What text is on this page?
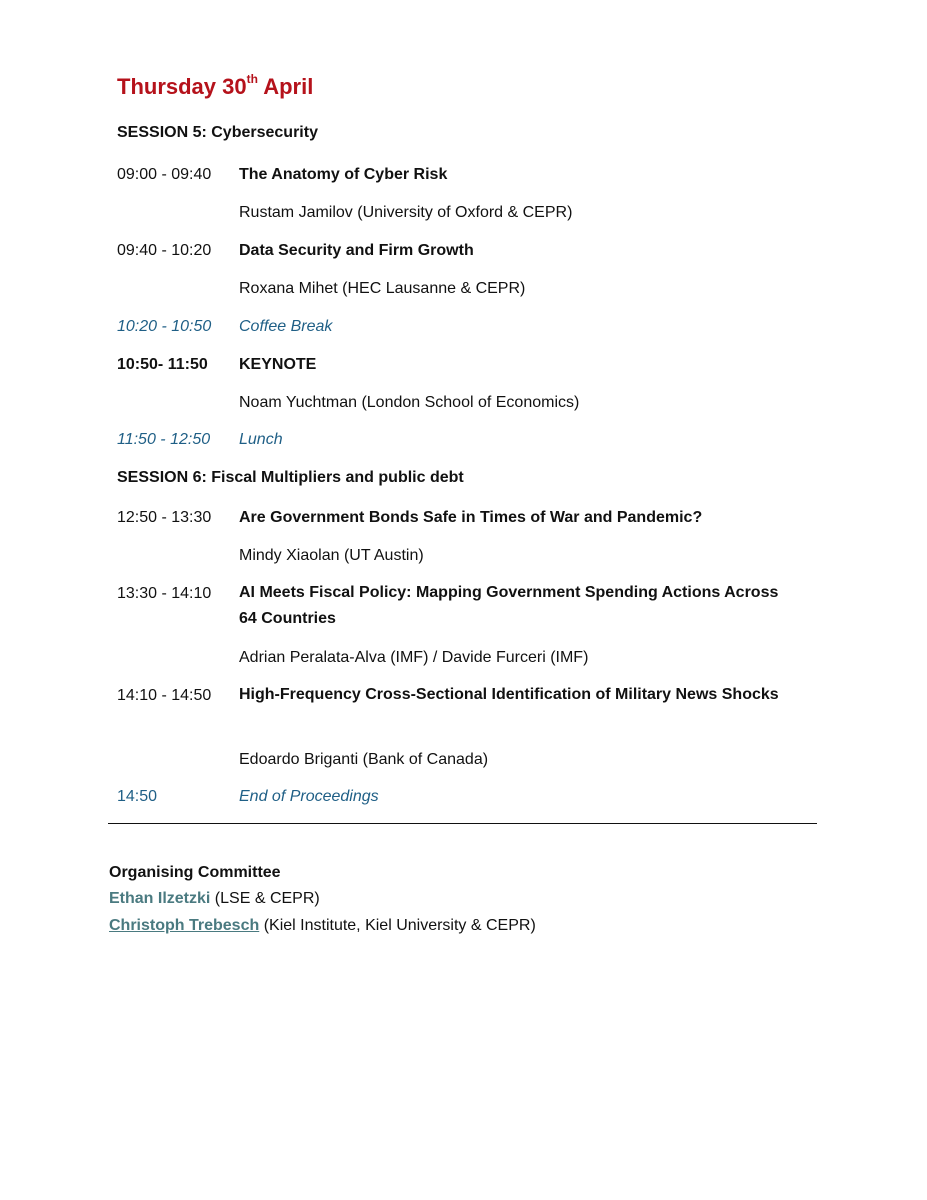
Thursday 30th April
SESSION 5: Cybersecurity
09:00 - 09:40 The Anatomy of Cyber Risk
Rustam Jamilov (University of Oxford & CEPR)
09:40 - 10:20 Data Security and Firm Growth
Roxana Mihet (HEC Lausanne & CEPR)
10:20 - 10:50 Coffee Break
10:50- 11:50 KEYNOTE
Noam Yuchtman (London School of Economics)
11:50 - 12:50 Lunch
SESSION 6: Fiscal Multipliers and public debt
12:50 - 13:30 Are Government Bonds Safe in Times of War and Pandemic?
Mindy Xiaolan (UT Austin)
13:30 - 14:10 AI Meets Fiscal Policy: Mapping Government Spending Actions Across 64 Countries
Adrian Peralata-Alva (IMF) / Davide Furceri (IMF)
14:10 - 14:50 High-Frequency Cross-Sectional Identification of Military News Shocks
Edoardo Briganti (Bank of Canada)
14:50	End of Proceedings
Organising Committee
Ethan Ilzetzki (LSE & CEPR)
Christoph Trebesch (Kiel Institute, Kiel University & CEPR)
